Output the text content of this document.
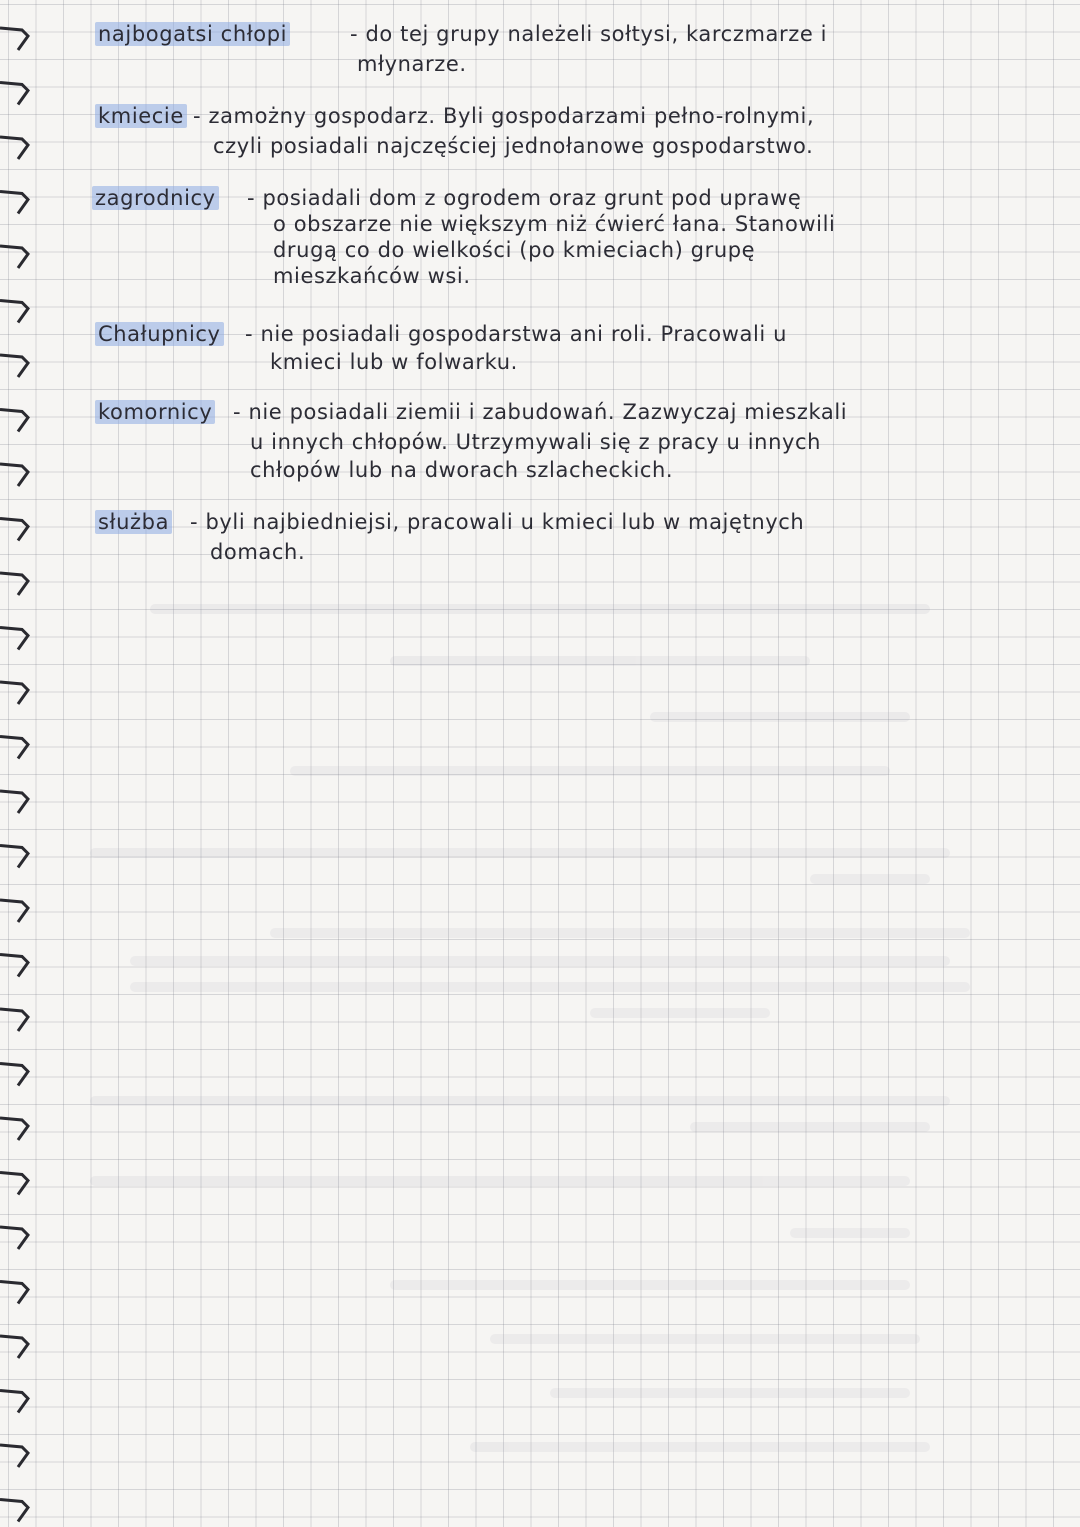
najbogatsi chłopi	- do tej grupy należeli sołtysi, karczmarze i
młynarze.
kmiecie - zamożny gospodarz. Byli gospodarzami pełno-rolnymi,
czyli posiadali najczęściej jednołanowe gospodarstwo.
zagrodnicy - posiadali dom z ogrodem oraz grunt pod uprawę
o obszarze nie większym niż ćwierć łana. Stanowili
drugą co do wielkości (po kmieciach) grupę
mieszkańców wsi.
Chałupnicy - nie posiadali gospodarstwa ani roli. Pracowali u
kmieci lub w folwarku.
komornicy - nie posiadali ziemii i zabudowań. Zazwyczaj mieszkali
u innych chłopów. Utrzymywali się z pracy u innych
chłopów lub na dworach szlacheckich.
służba - byli najbiedniejsi, pracowali u kmieci lub w majętnych
domach.
